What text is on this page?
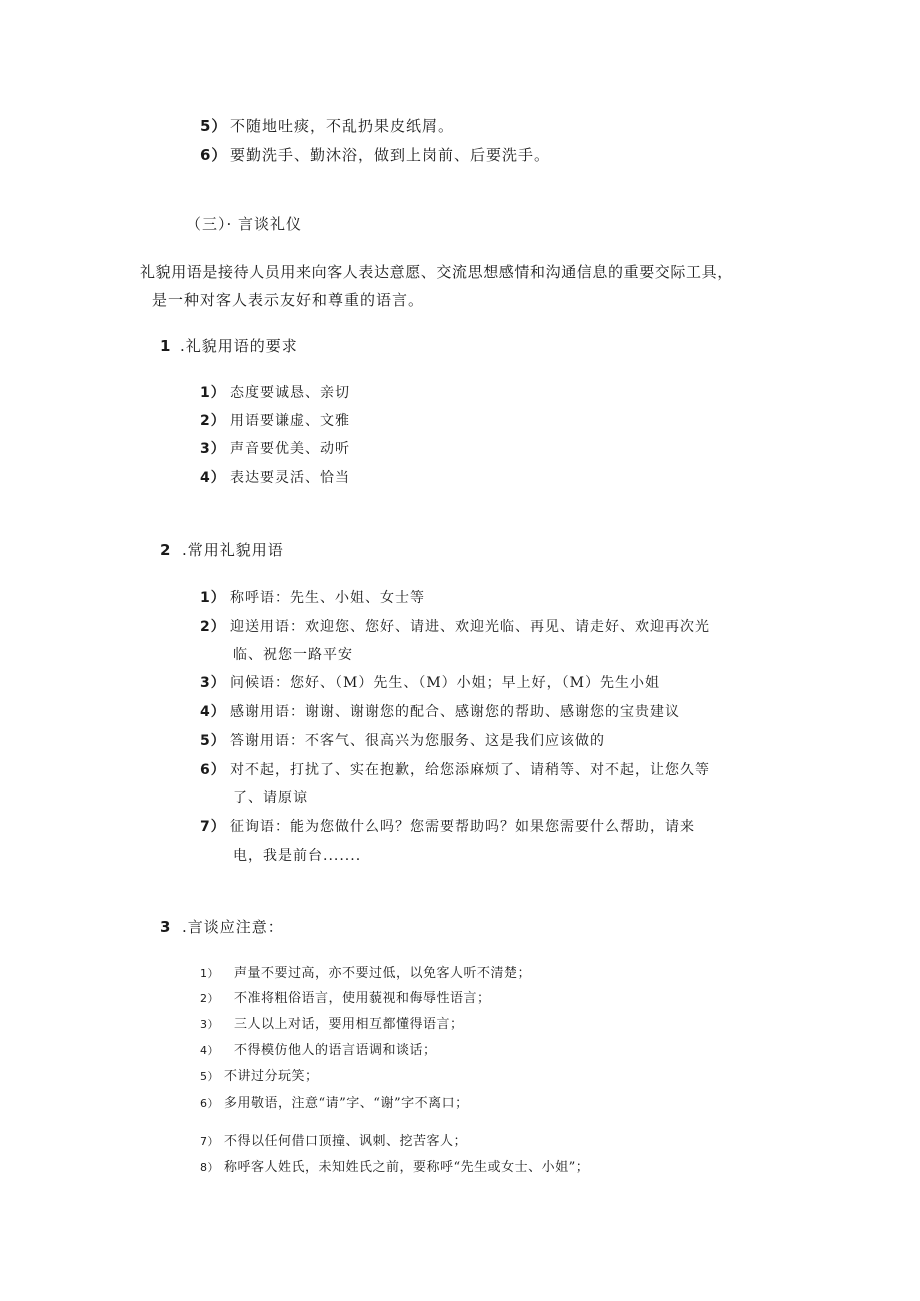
5） 不随地吐痰，不乱扔果皮纸屑。
6） 要勤洗手、勤沐浴，做到上岗前、后要洗手。
（三）· 言谈礼仪
礼貌用语是接待人员用来向客人表达意愿、交流思想感情和沟通信息的重要交际工具，
是一种对客人表示友好和尊重的语言。
1 .礼貌用语的要求
1） 态度要诚恳、亲切
2） 用语要谦虚、文雅
3） 声音要优美、动听
4） 表达要灵活、恰当
2 .常用礼貌用语
1） 称呼语：先生、小姐、女士等
2） 迎送用语：欢迎您、您好、请进、欢迎光临、再见、请走好、欢迎再次光
临、祝您一路平安
3） 问候语：您好、（M）先生、（M）小姐；早上好，（M）先生小姐
4） 感谢用语：谢谢、谢谢您的配合、感谢您的帮助、感谢您的宝贵建议
5） 答谢用语：不客气、很高兴为您服务、这是我们应该做的
6） 对不起，打扰了、实在抱歉，给您添麻烦了、请稍等、对不起，让您久等
了、请原谅
7） 征询语：能为您做什么吗？您需要帮助吗？如果您需要什么帮助，请来
电，我是前台.......
3 .言谈应注意：
1） 声量不要过高，亦不要过低，以免客人听不清楚；
2） 不准将粗俗语言，使用藐视和侮辱性语言；
3） 三人以上对话，要用相互都懂得语言；
4） 不得模仿他人的语言语调和谈话；
5） 不讲过分玩笑；
6） 多用敬语，注意“请”字、“谢”字不离口；
7） 不得以任何借口顶撞、讽刺、挖苦客人；
8） 称呼客人姓氏，未知姓氏之前，要称呼“先生或女士、小姐”；
